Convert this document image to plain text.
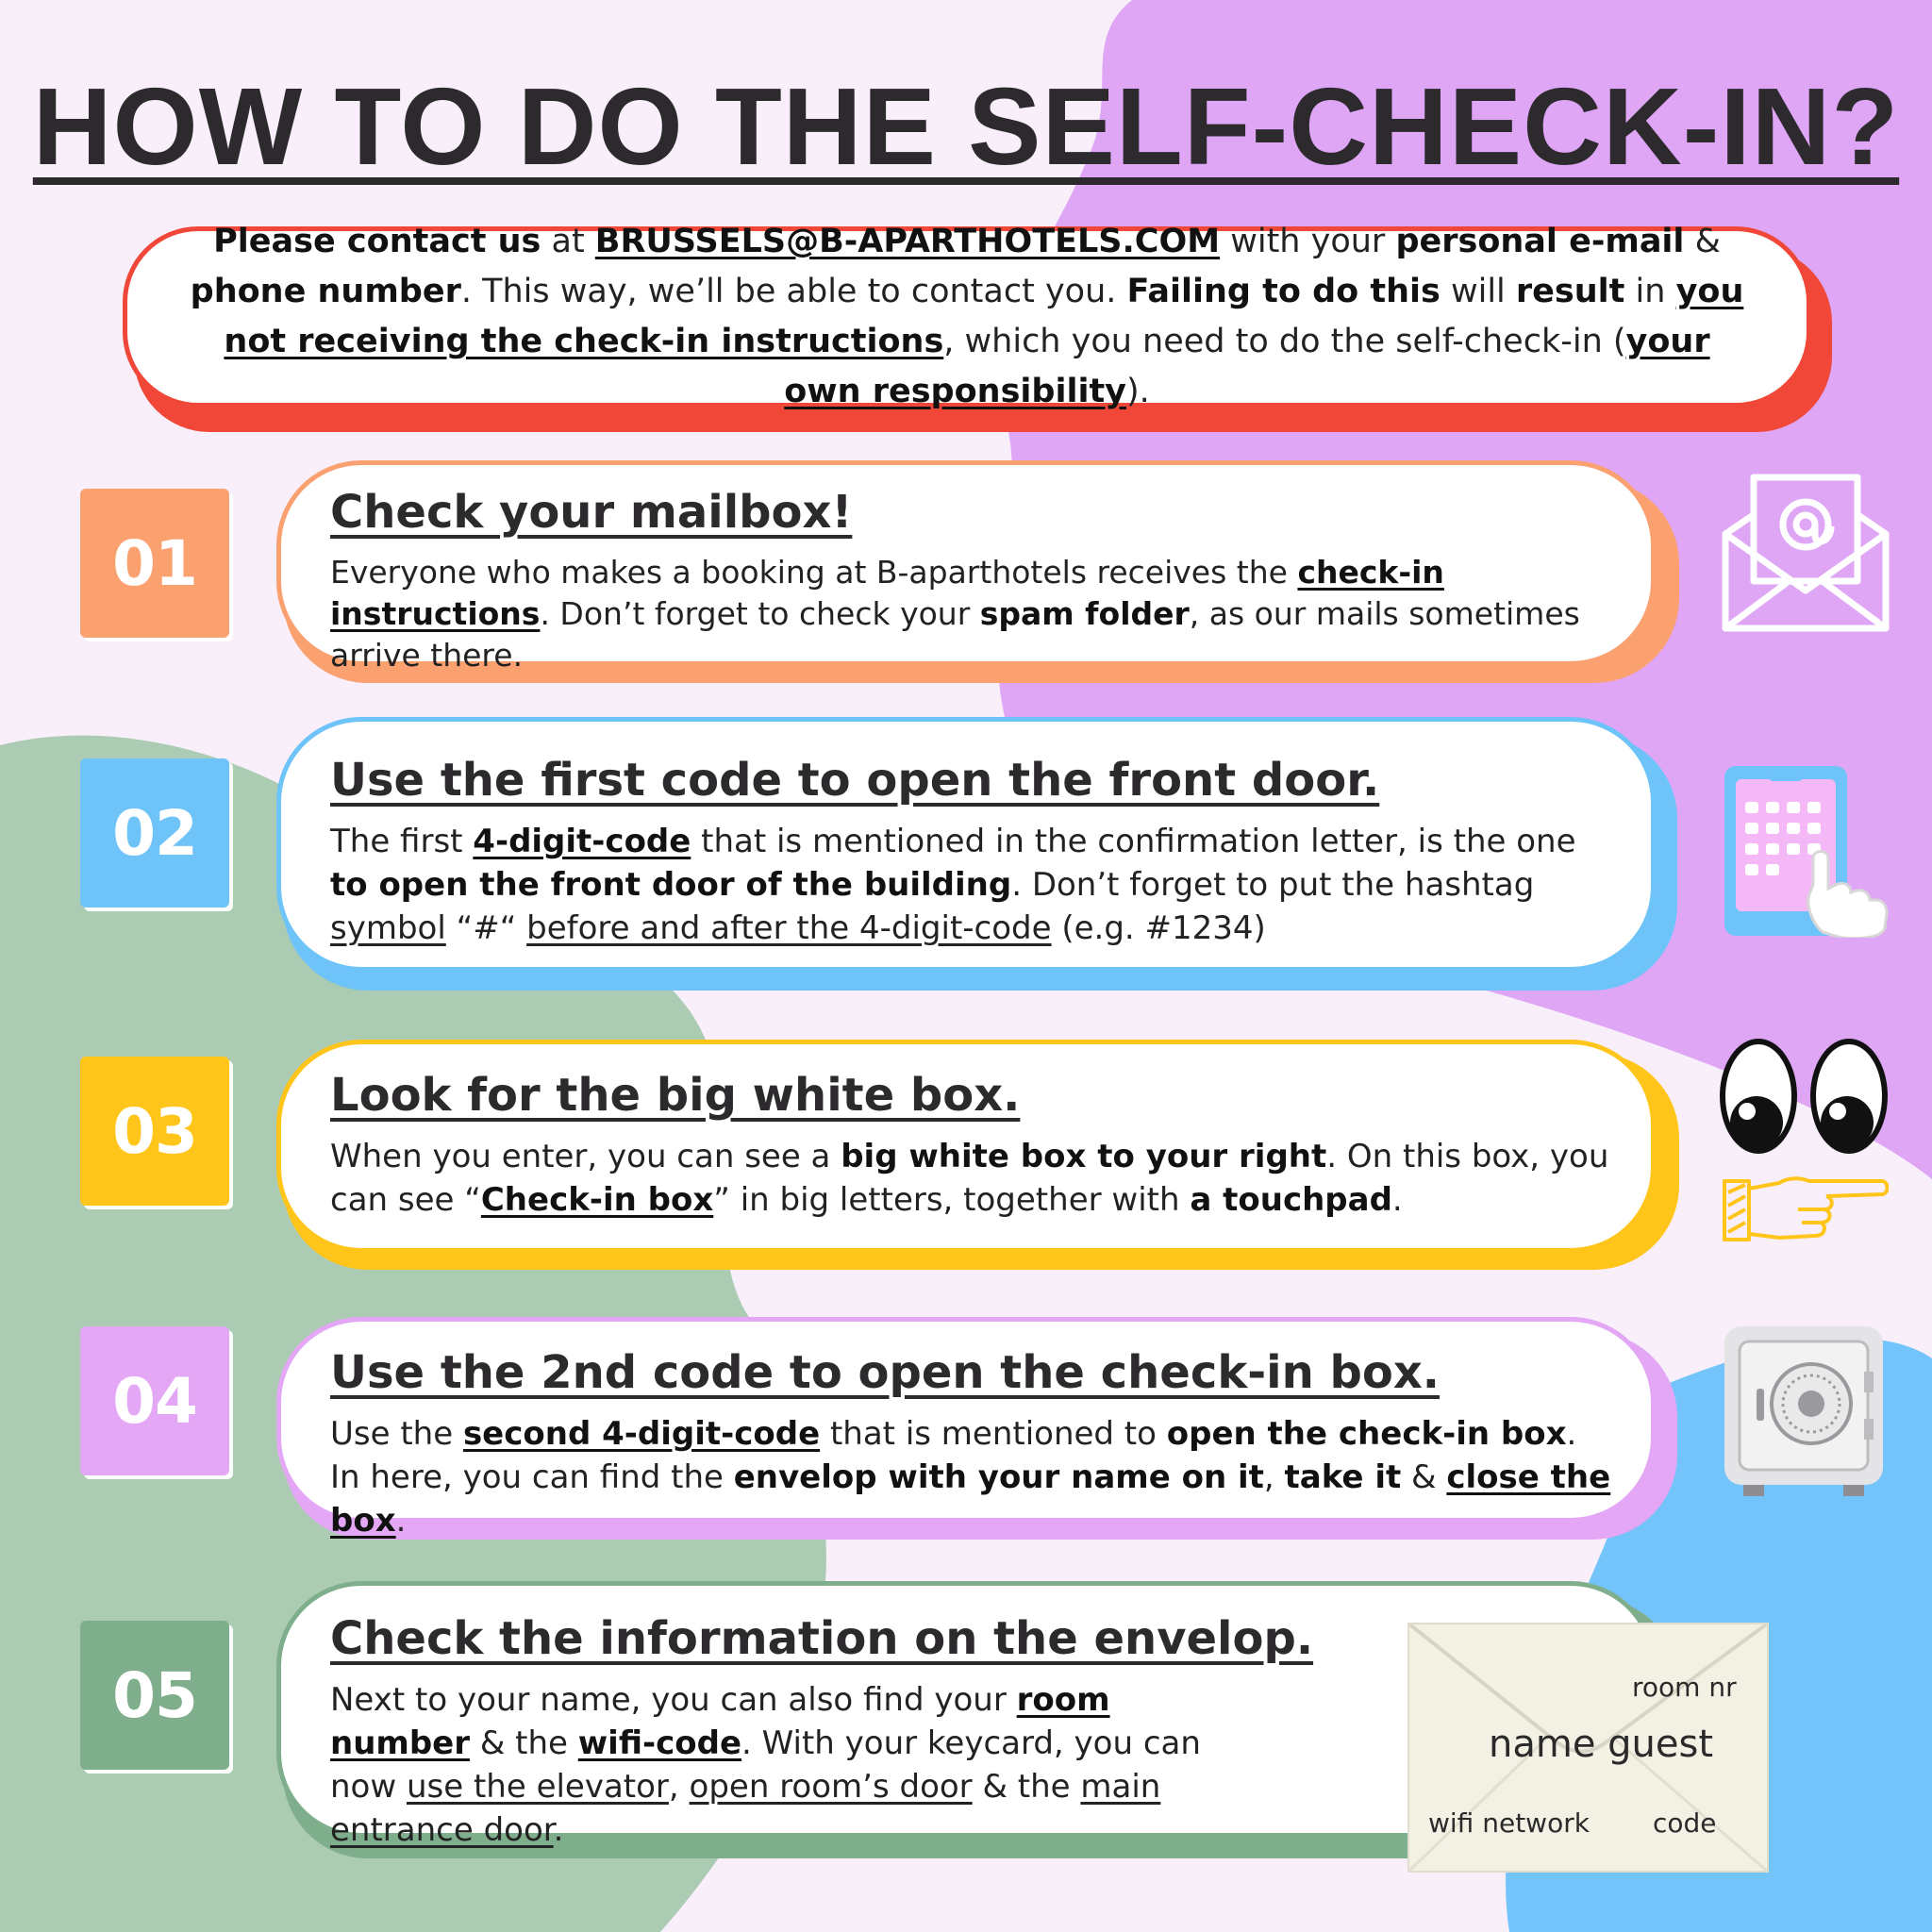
HOW TO DO THE SELF-CHECK-IN?
Please contact us at BRUSSELS@B-APARTHOTELS.COM with your personal e-mail & phone number. This way, we’ll be able to contact you. Failing to do this will result in you not receiving the check-in instructions, which you need to do the self-check-in (your own responsibility).
01
Check your mailbox!

Everyone who makes a booking at B-aparthotels receives the check-in instructions. Don’t forget to check your spam folder, as our mails sometimes arrive there.

02
Use the first code to open the front door.

The first 4-digit-code that is mentioned in the confirmation letter, is the one to open the front door of the building. Don’t forget to put the hashtag symbol “#“ before and after the 4-digit-code (e.g. #1234)

03	Look for the big white box.

When you enter, you can see a big white box to your right. On this box, you can see “Check-in box” in big letters, together with a touchpad.

04	Use the 2nd code to open the check-in box.

Use the second 4-digit-code that is mentioned to open the check-in box. In here, you can find the envelop with your name on it, take it & close the box.

05
Check the information on the envelop.

Next to your name, you can also find your room number & the wifi-code. With your keycard, you can now use the elevator, open room’s door & the main entrance door.

room nr
name guest
wifi network code
